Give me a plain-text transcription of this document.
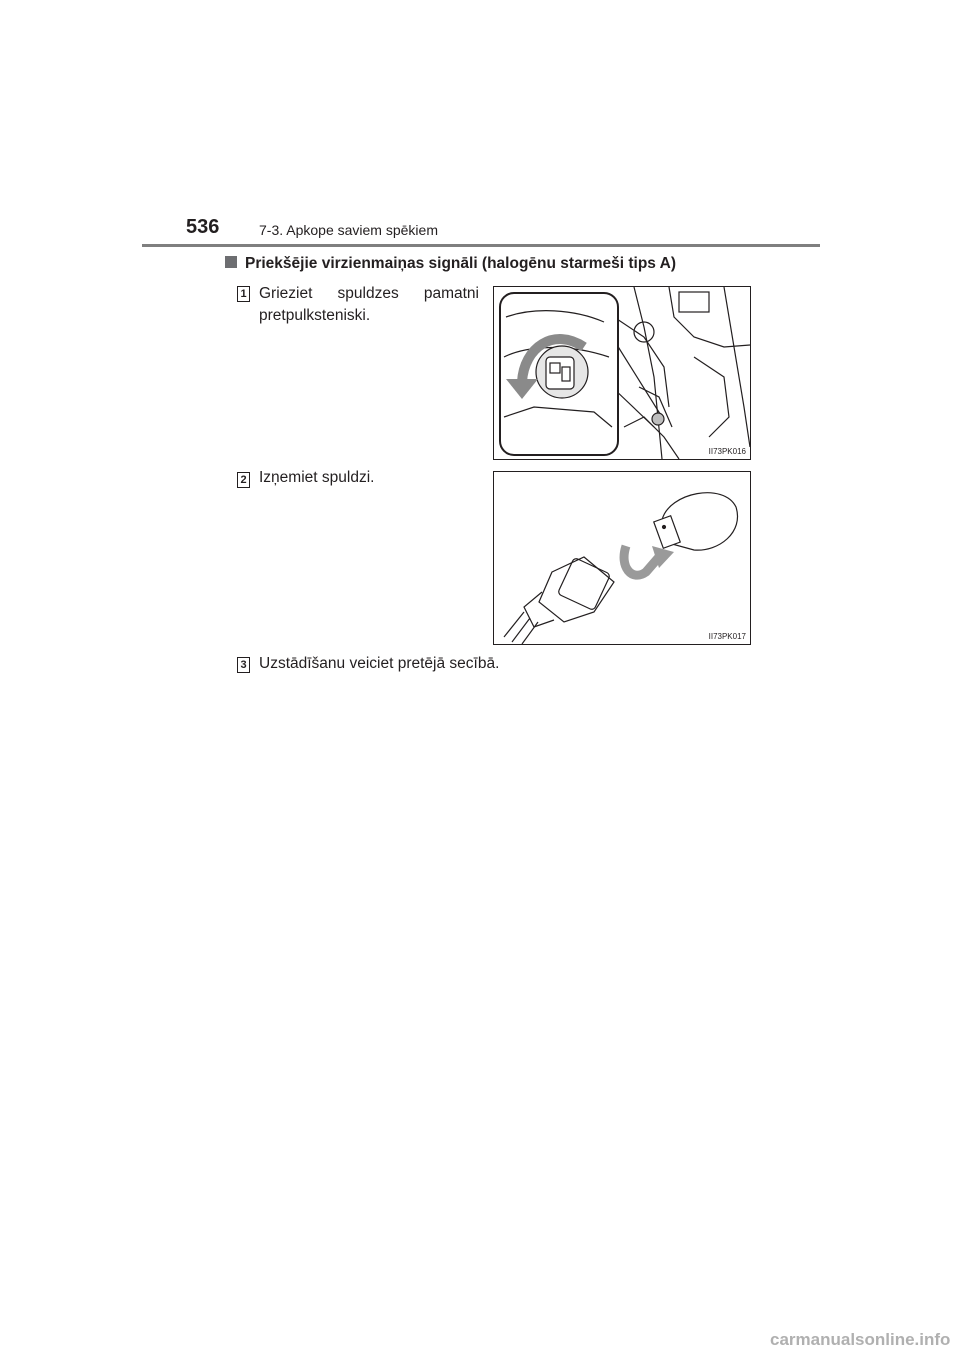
536	7-3. Apkope saviem spēkiem
Priekšējie virzienmaiņas signāli (halogēnu starmeši tips A)
1 Grieziet spuldzes pamatni
pretpulksteniski.
II73PK016
2 Izņemiet spuldzi.
II73PK017
3 Uzstādīšanu veiciet pretējā secībā.
carmanualsonline.info
